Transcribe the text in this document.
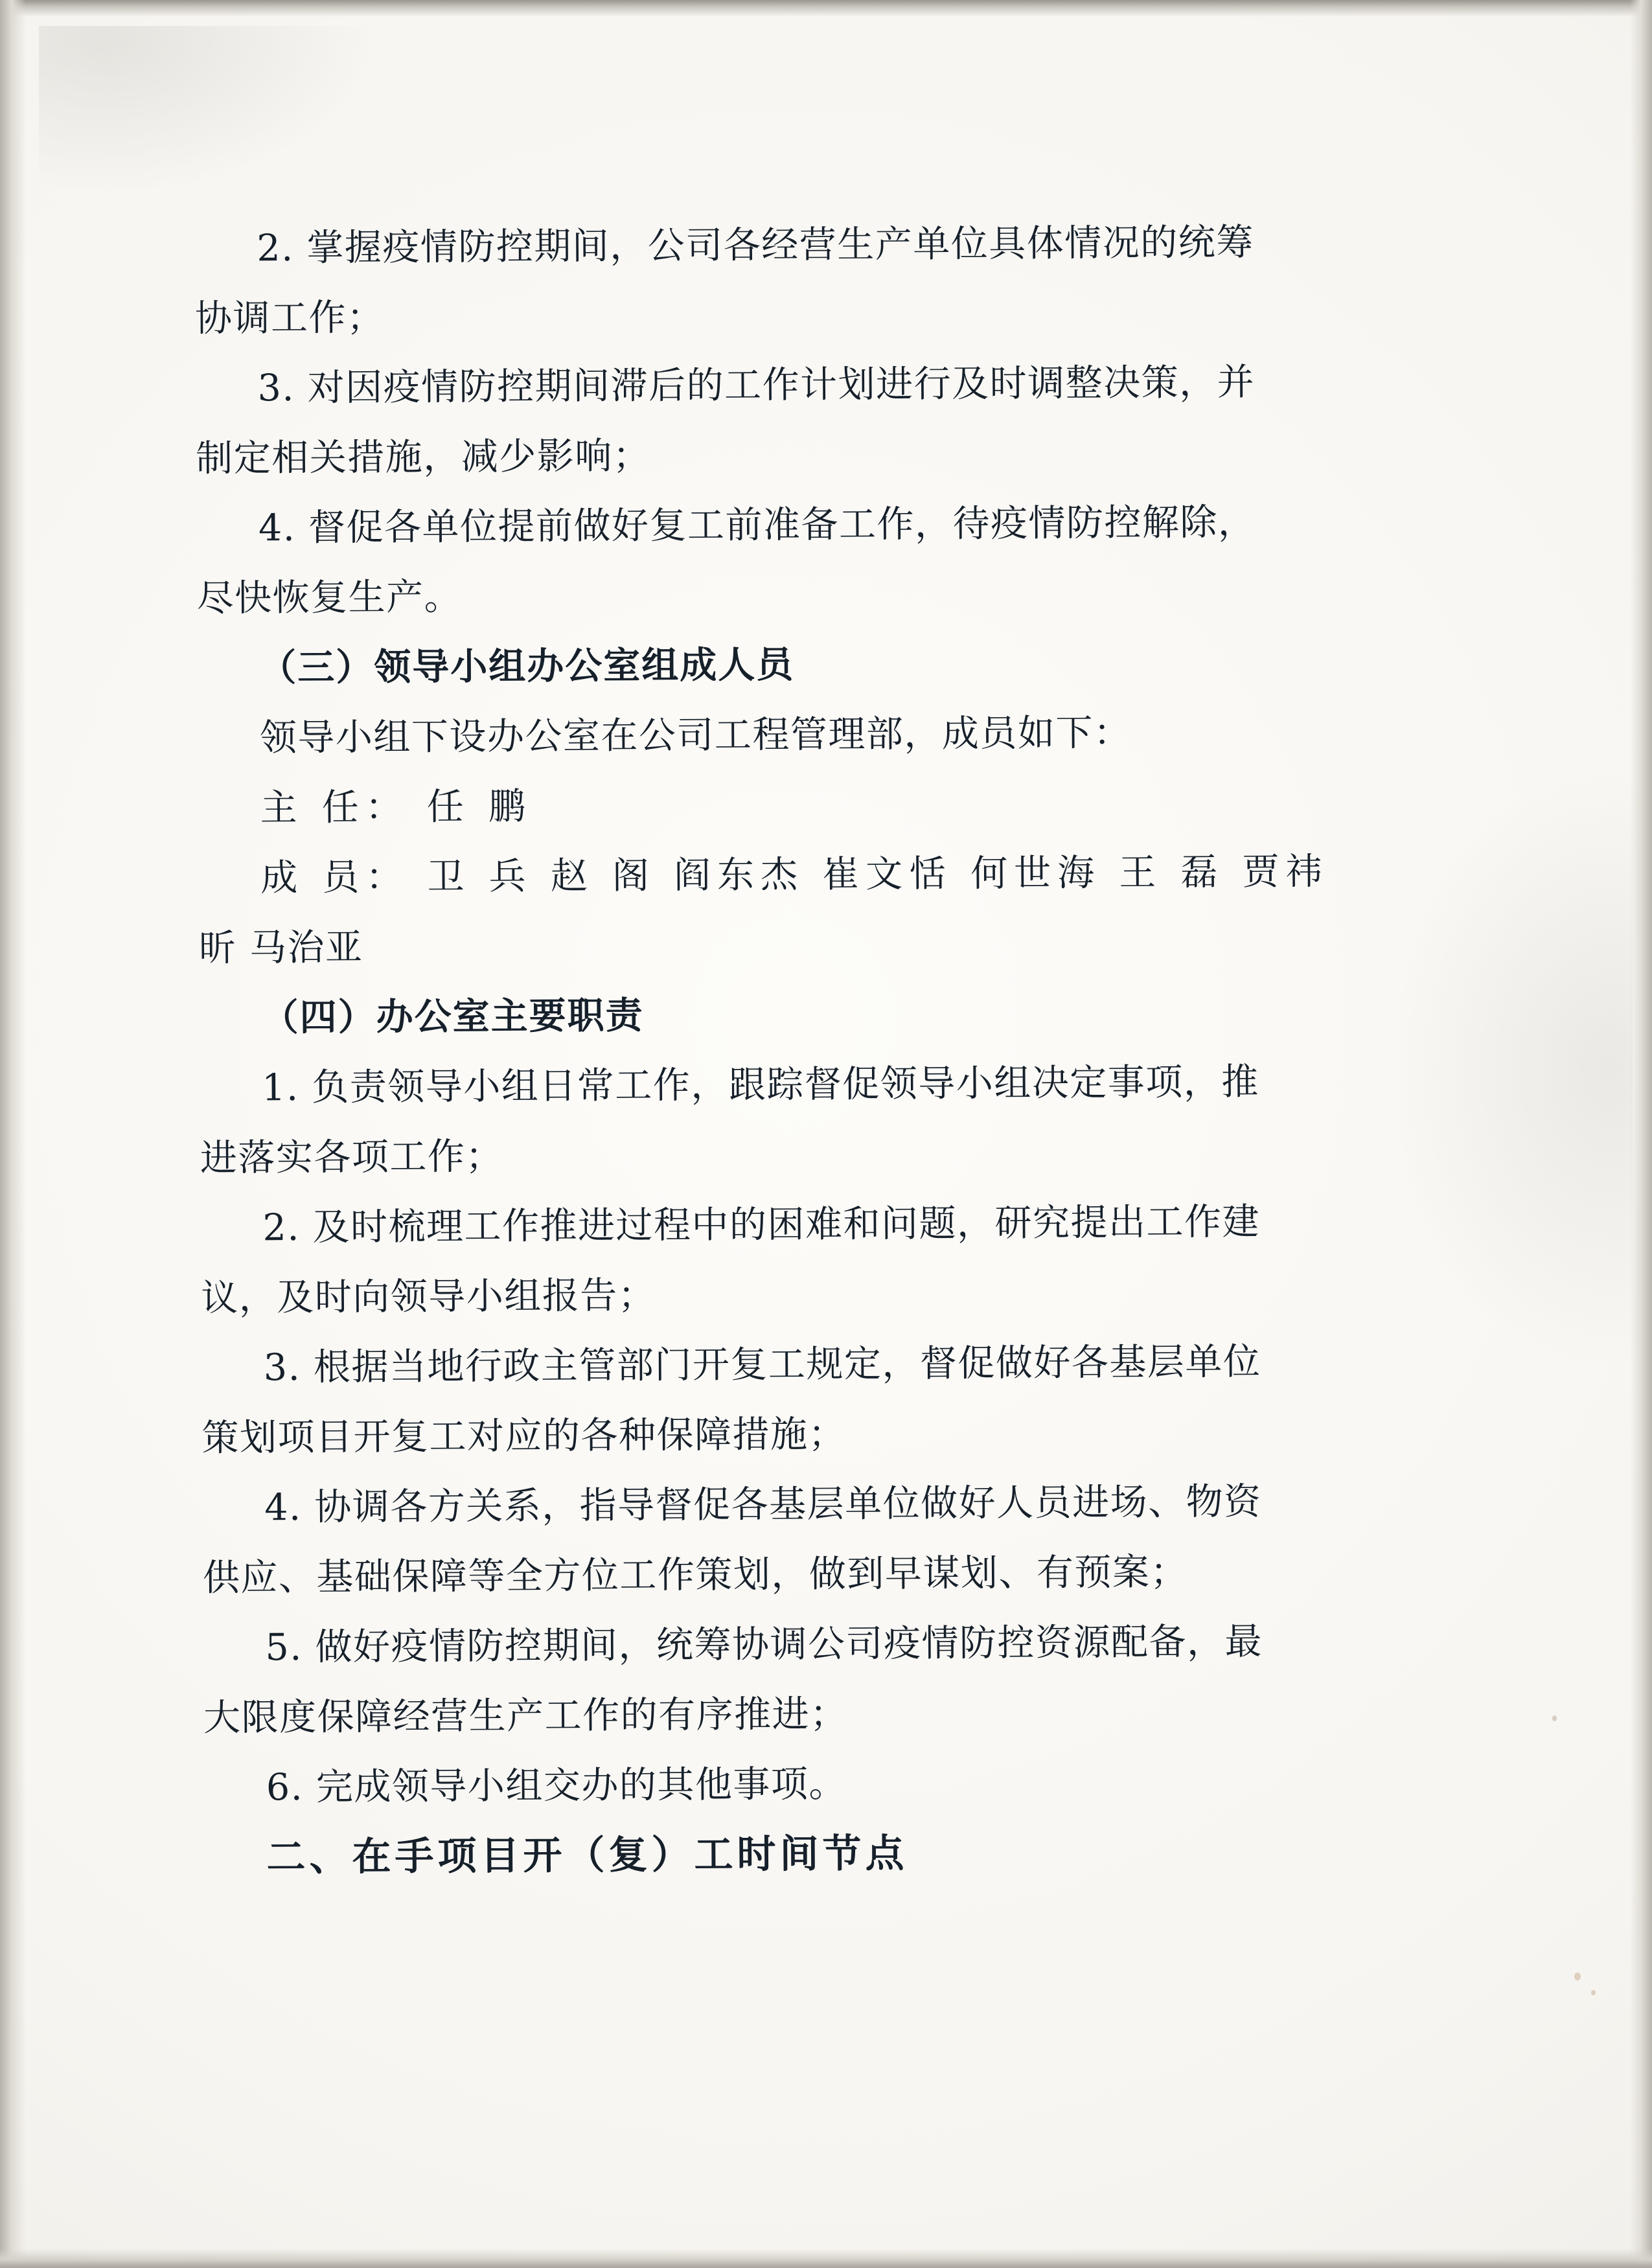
2. 掌握疫情防控期间，公司各经营生产单位具体情况的统筹
协调工作；
3. 对因疫情防控期间滞后的工作计划进行及时调整决策，并
制定相关措施，减少影响；
4. 督促各单位提前做好复工前准备工作，待疫情防控解除，
尽快恢复生产。
（三）领导小组办公室组成人员
领导小组下设办公室在公司工程管理部，成员如下：
主 任： 任 鹏
成 员： 卫 兵 赵 阁 阎东杰 崔文恬 何世海 王 磊 贾祎
昕 马治亚
（四）办公室主要职责
1. 负责领导小组日常工作，跟踪督促领导小组决定事项，推
进落实各项工作；
2. 及时梳理工作推进过程中的困难和问题，研究提出工作建
议，及时向领导小组报告；
3. 根据当地行政主管部门开复工规定，督促做好各基层单位
策划项目开复工对应的各种保障措施；
4. 协调各方关系，指导督促各基层单位做好人员进场、物资
供应、基础保障等全方位工作策划，做到早谋划、有预案；
5. 做好疫情防控期间，统筹协调公司疫情防控资源配备，最
大限度保障经营生产工作的有序推进；
6. 完成领导小组交办的其他事项。
二、在手项目开（复）工时间节点
